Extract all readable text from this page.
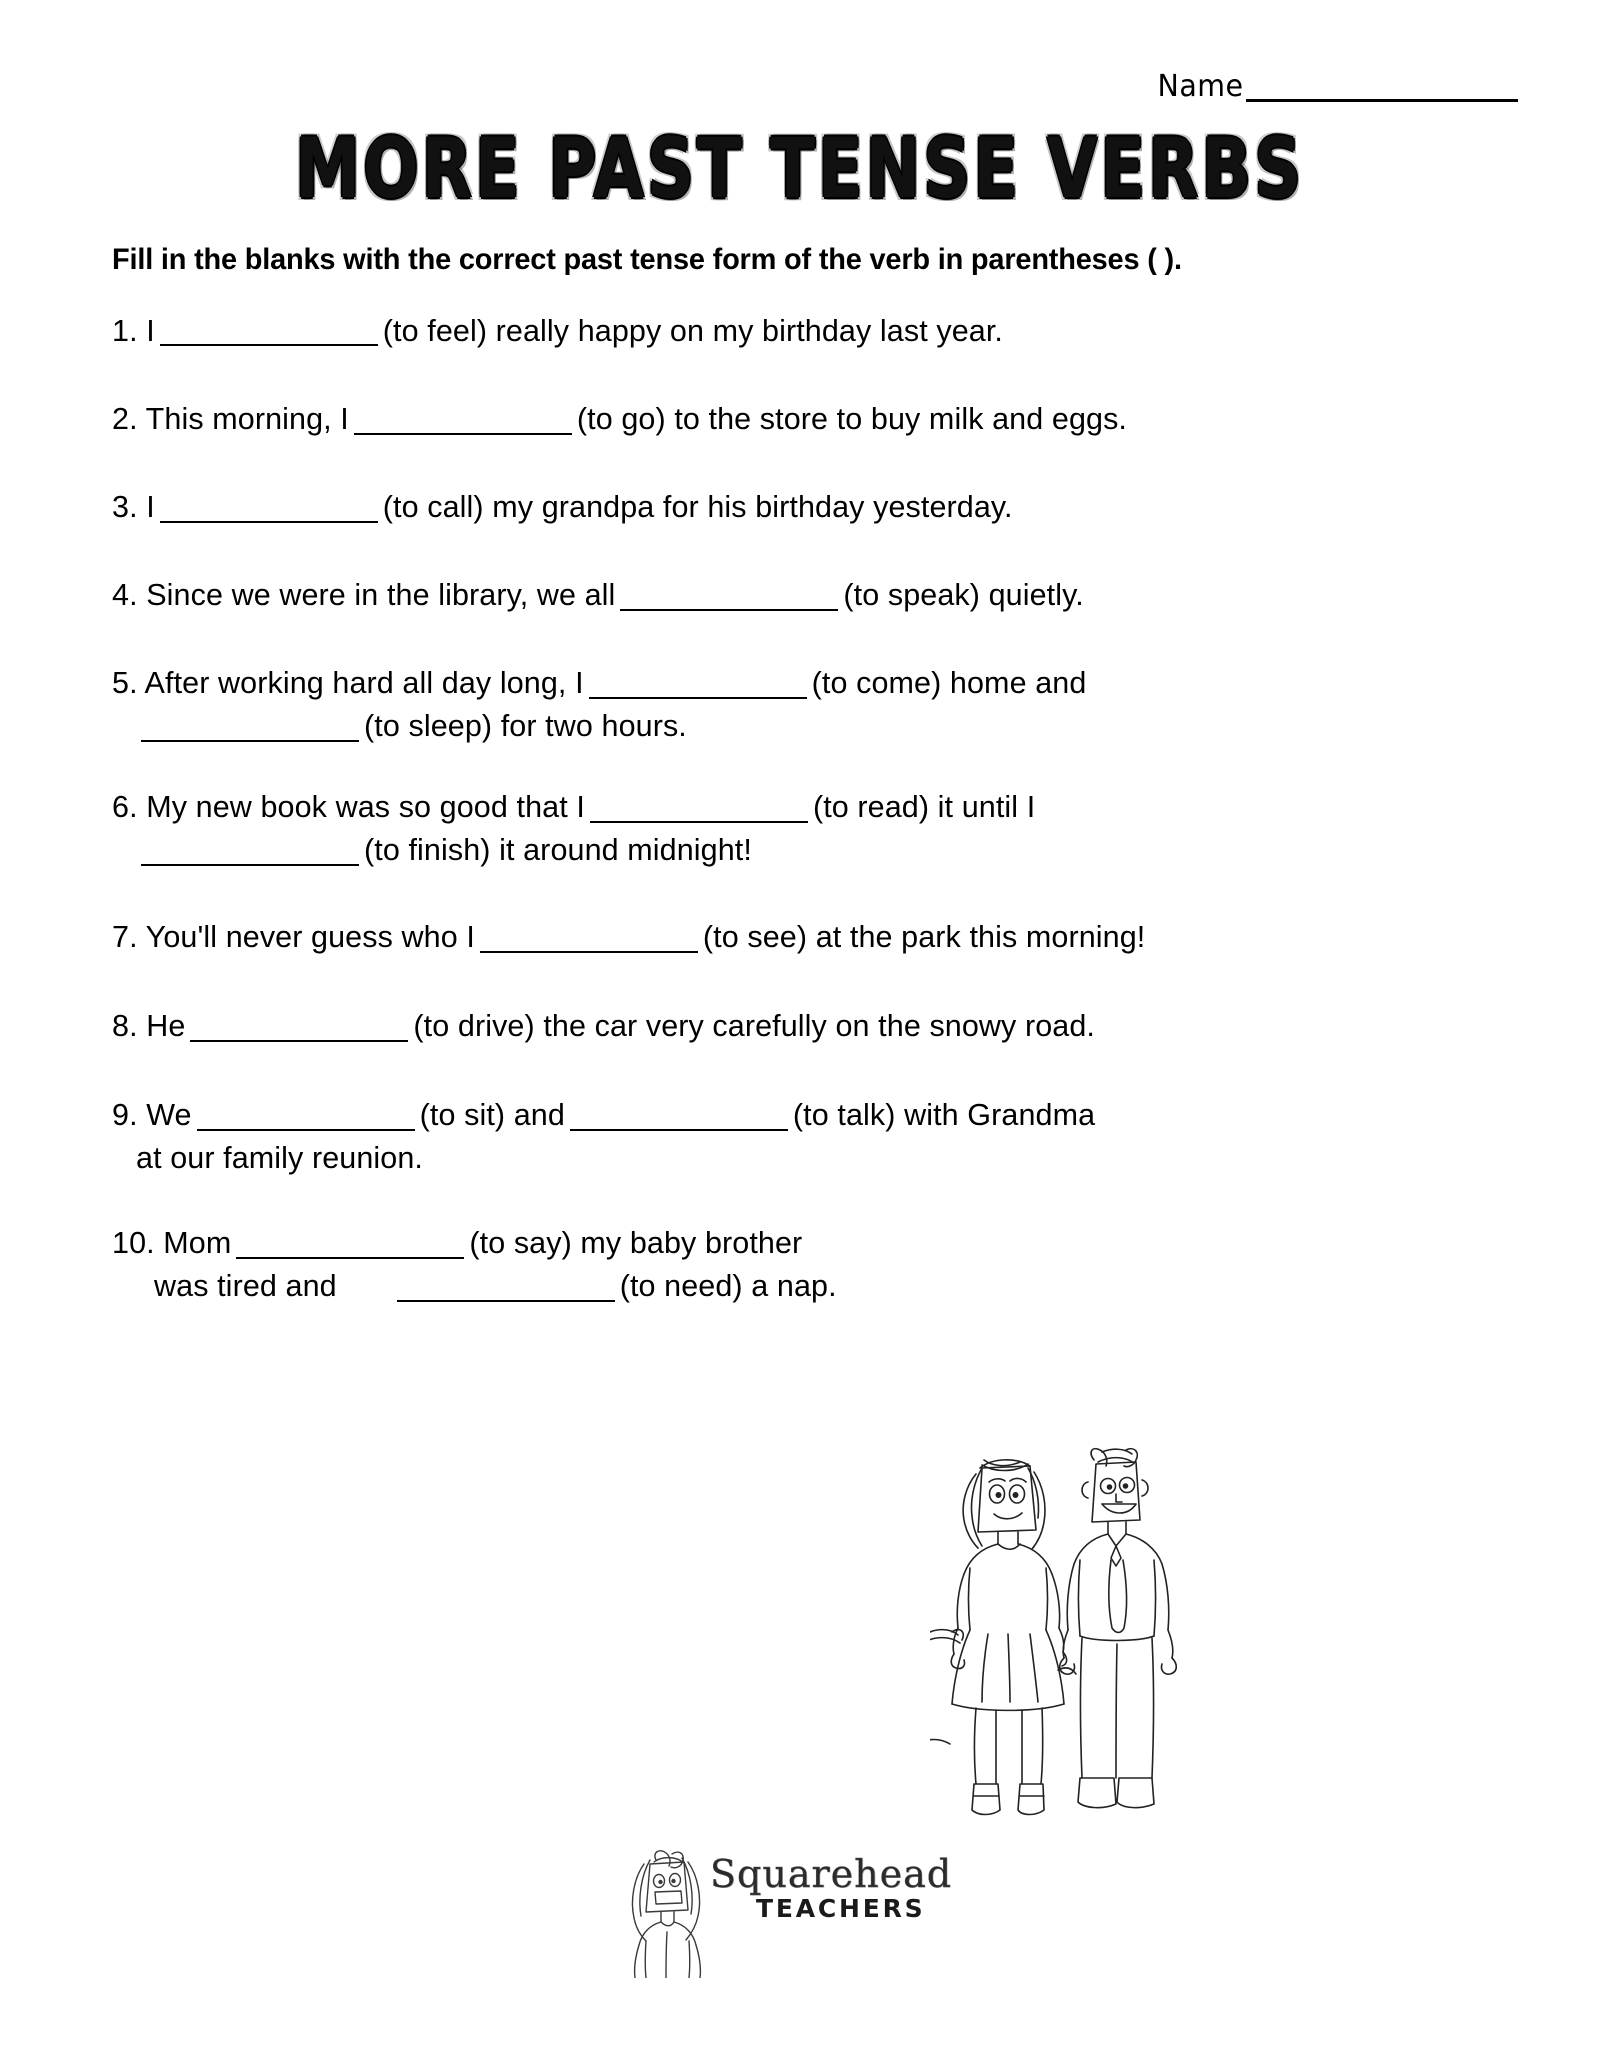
Name
MORE PAST TENSE VERBS
Fill in the blanks with the correct past tense form of the verb in parentheses ( ).
1. I	(to feel) really happy on my birthday last year.
2. This morning, I	(to go) to the store to buy milk and eggs.
3. I	(to call) my grandpa for his birthday yesterday.
4. Since we were in the library, we all	(to speak) quietly.
5. After working hard all day long, I	(to come) home and
(to sleep) for two hours.
6. My new book was so good that I	(to read) it until I
(to finish) it around midnight!
7. You'll never guess who I	(to see) at the park this morning!
8. He	(to drive) the car very carefully on the snowy road.
9. We	(to sit) and	(to talk) with Grandma
at our family reunion.
10. Mom	(to say) my baby brother
was tired and	(to need) a nap.
Squarehead
TEACHERS
